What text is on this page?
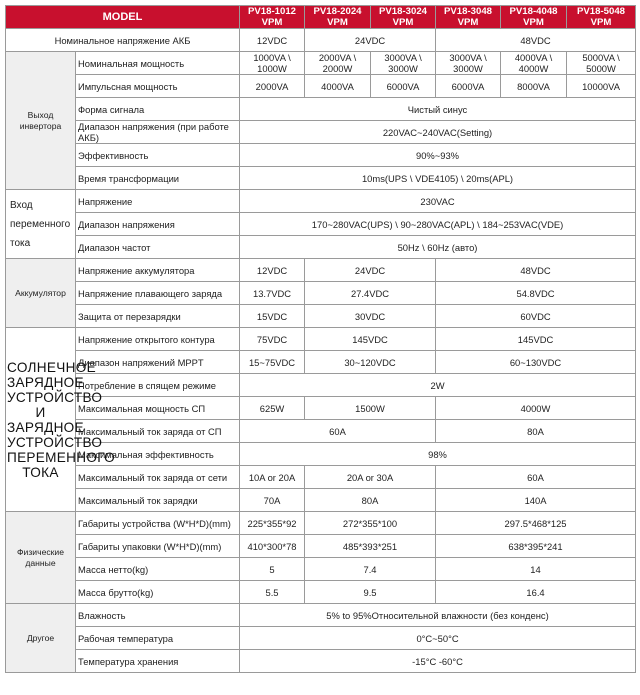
MODEL		PV18-1012 VPM	PV18-2024 VPM	PV18-3024 VPM	PV18-3048 VPM	PV18-4048 VPM	PV18-5048 VPM
Номинальное напряжение АКБ		12VDC	24VDC		48VDC		
Выход инвертора	Номинальная мощность	1000VA \ 1000W	2000VA \ 2000W	3000VA \ 3000W	3000VA \ 3000W	4000VA \ 4000W	5000VA \ 5000W
	Импульсная мощность	2000VA	4000VA	6000VA	6000VA	8000VA	10000VA
	Форма сигнала	Чистый синус					
	Диапазон напряжения (при работе АКБ)	220VAC~240VAC(Setting)					
	Эффективность	90%~93%					
	Время трансформации	10ms(UPS \ VDE4105) \ 20ms(APL)					
Вход переменного тока	Напряжение	230VAC					
	Диапазон напряжения	170~280VAC(UPS) \ 90~280VAC(APL) \ 184~253VAC(VDE)					
	Диапазон частот	50Hz \ 60Hz (авто)					
Аккумулятор	Напряжение аккумулятора	12VDC	24VDC		48VDC		
	Напряжение плавающего заряда	13.7VDC	27.4VDC		54.8VDC		
	Защита от перезарядки	15VDC	30VDC		60VDC		
СОЛНЕЧНОЕ ЗАРЯДНОЕ УСТРОЙСТВО И ЗАРЯДНОЕ УСТРОЙСТВО ПЕРЕМЕННОГО ТОКА	Напряжение открытого контура	75VDC	145VDC		145VDC		
	Диапазон напряжений MPPT	15~75VDC	30~120VDC		60~130VDC		
	Потребление в спящем режиме	2W					
	Максимальная мощность СП	625W	1500W		4000W		
	Максимальный ток заряда от СП	60A			80A		
	Максимальная эффективность	98%					
	Максимальный ток заряда от сети	10A or 20A	20A or 30A		60A		
	Максимальный ток зарядки	70A	80A		140A		
Физические данные	Габариты устройства (W*H*D)(mm)	225*355*92	272*355*100		297.5*468*125		
	Габариты упаковки (W*H*D)(mm)	410*300*78	485*393*251		638*395*241		
	Масса нетто(kg)	5	7.4		14		
	Масса брутто(kg)	5.5	9.5		16.4		
Другое	Влажность	5% to 95%Относительной влажности (без конденс)					
	Рабочая температура	0°C~50°C					
	Температура хранения	-15°C -60°C					
